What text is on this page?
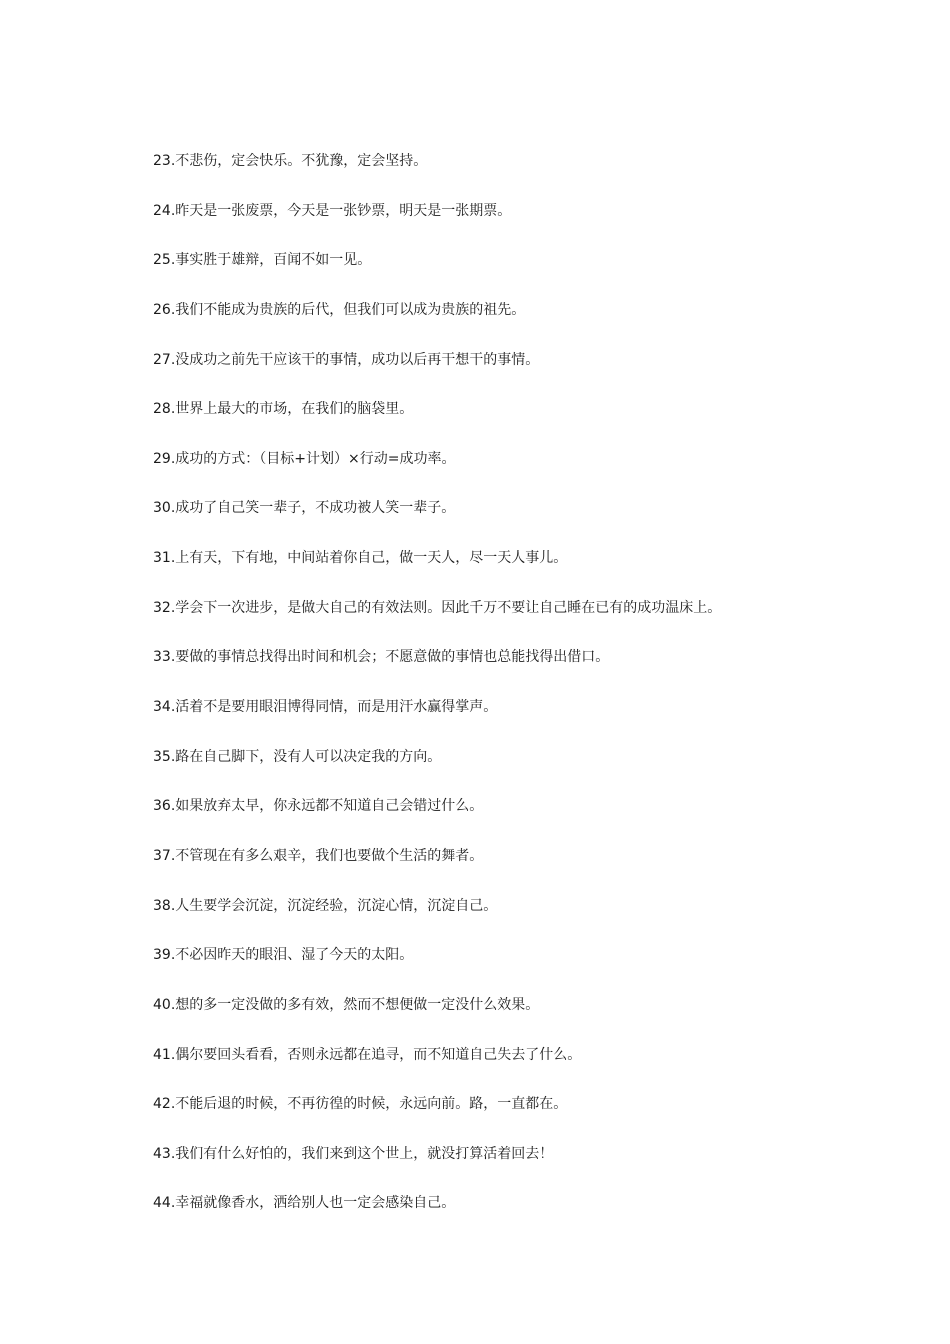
23.不悲伤，定会快乐。不犹豫，定会坚持。
24.昨天是一张废票，今天是一张钞票，明天是一张期票。
25.事实胜于雄辩，百闻不如一见。
26.我们不能成为贵族的后代，但我们可以成为贵族的祖先。
27.没成功之前先干应该干的事情，成功以后再干想干的事情。
28.世界上最大的市场，在我们的脑袋里。
29.成功的方式：（目标+计划）×行动=成功率。
30.成功了自己笑一辈子，不成功被人笑一辈子。
31.上有天，下有地，中间站着你自己，做一天人，尽一天人事儿。
32.学会下一次进步，是做大自己的有效法则。因此千万不要让自己睡在已有的成功温床上。
33.要做的事情总找得出时间和机会；不愿意做的事情也总能找得出借口。
34.活着不是要用眼泪博得同情，而是用汗水赢得掌声。
35.路在自己脚下，没有人可以决定我的方向。
36.如果放弃太早，你永远都不知道自己会错过什么。
37.不管现在有多么艰辛，我们也要做个生活的舞者。
38.人生要学会沉淀，沉淀经验，沉淀心情，沉淀自己。
39.不必因昨天的眼泪、湿了今天的太阳。
40.想的多一定没做的多有效，然而不想便做一定没什么效果。
41.偶尔要回头看看，否则永远都在追寻，而不知道自己失去了什么。
42.不能后退的时候，不再彷徨的时候，永远向前。路，一直都在。
43.我们有什么好怕的，我们来到这个世上，就没打算活着回去！
44.幸福就像香水，洒给别人也一定会感染自己。
